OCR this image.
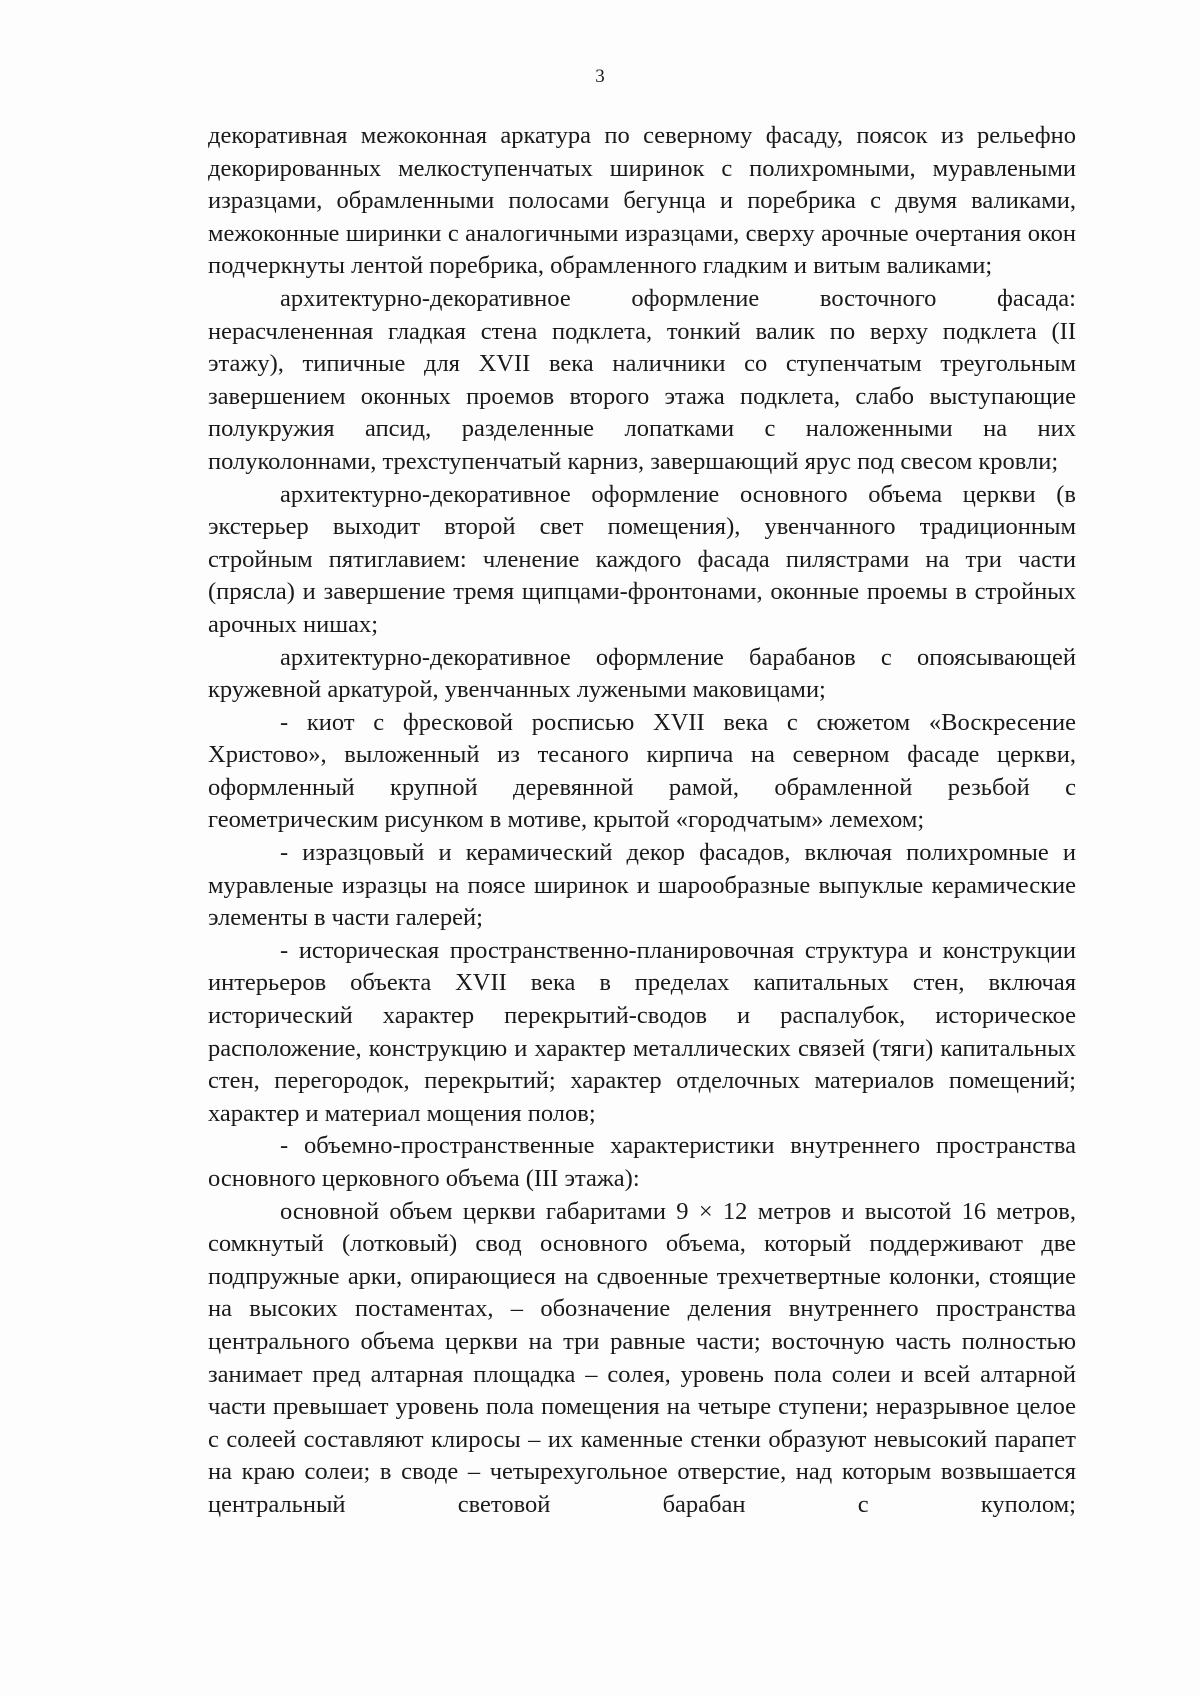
3

декоративная межоконная аркатура по северному фасаду, поясок из рельефно декорированных мелкоступенчатых ширинок с полихромными, муравлеными изразцами, обрамленными полосами бегунца и поребрика с двумя валиками, межоконные ширинки с аналогичными изразцами, сверху арочные очертания окон подчеркнуты лентой поребрика, обрамленного гладким и витым валиками;

архитектурно-декоративное оформление восточного фасада: нерасчлененная гладкая стена подклета, тонкий валик по верху подклета (II этажу), типичные для XVII века наличники со ступенчатым треугольным завершением оконных проемов второго этажа подклета, слабо выступающие полукружия апсид, разделенные лопатками с наложенными на них полуколоннами, трехступенчатый карниз, завершающий ярус под свесом кровли;

архитектурно-декоративное оформление основного объема церкви (в экстерьер выходит второй свет помещения), увенчанного традиционным стройным пятиглавием: членение каждого фасада пилястрами на три части (прясла) и завершение тремя щипцами-фронтонами, оконные проемы в стройных арочных нишах;

архитектурно-декоративное оформление барабанов с опоясывающей кружевной аркатурой, увенчанных лужеными маковицами;

- киот с фресковой росписью XVII века с сюжетом «Воскресение Христово», выложенный из тесаного кирпича на северном фасаде церкви, оформленный крупной деревянной рамой, обрамленной резьбой с геометрическим рисунком в мотиве, крытой «городчатым» лемехом;

- изразцовый и керамический декор фасадов, включая полихромные и муравленые изразцы на поясе ширинок и шарообразные выпуклые керамические элементы в части галерей;

- историческая пространственно-планировочная структура и конструкции интерьеров объекта XVII века в пределах капитальных стен, включая исторический характер перекрытий-сводов и распалубок, историческое расположение, конструкцию и характер металлических связей (тяги) капитальных стен, перегородок, перекрытий; характер отделочных материалов помещений; характер и материал мощения полов;

- объемно-пространственные характеристики внутреннего пространства основного церковного объема (III этажа):

основной объем церкви габаритами 9 × 12 метров и высотой 16 метров, сомкнутый (лотковый) свод основного объема, который поддерживают две подпружные арки, опирающиеся на сдвоенные трехчетвертные колонки, стоящие на высоких постаментах, – обозначение деления внутреннего пространства центрального объема церкви на три равные части; восточную часть полностью занимает пред алтарная площадка – солея, уровень пола солеи и всей алтарной части превышает уровень пола помещения на четыре ступени; неразрывное целое с солеей составляют клиросы – их каменные стенки образуют невысокий парапет на краю солеи; в своде – четырехугольное отверстие, над которым возвышается центральный световой барабан с куполом;
